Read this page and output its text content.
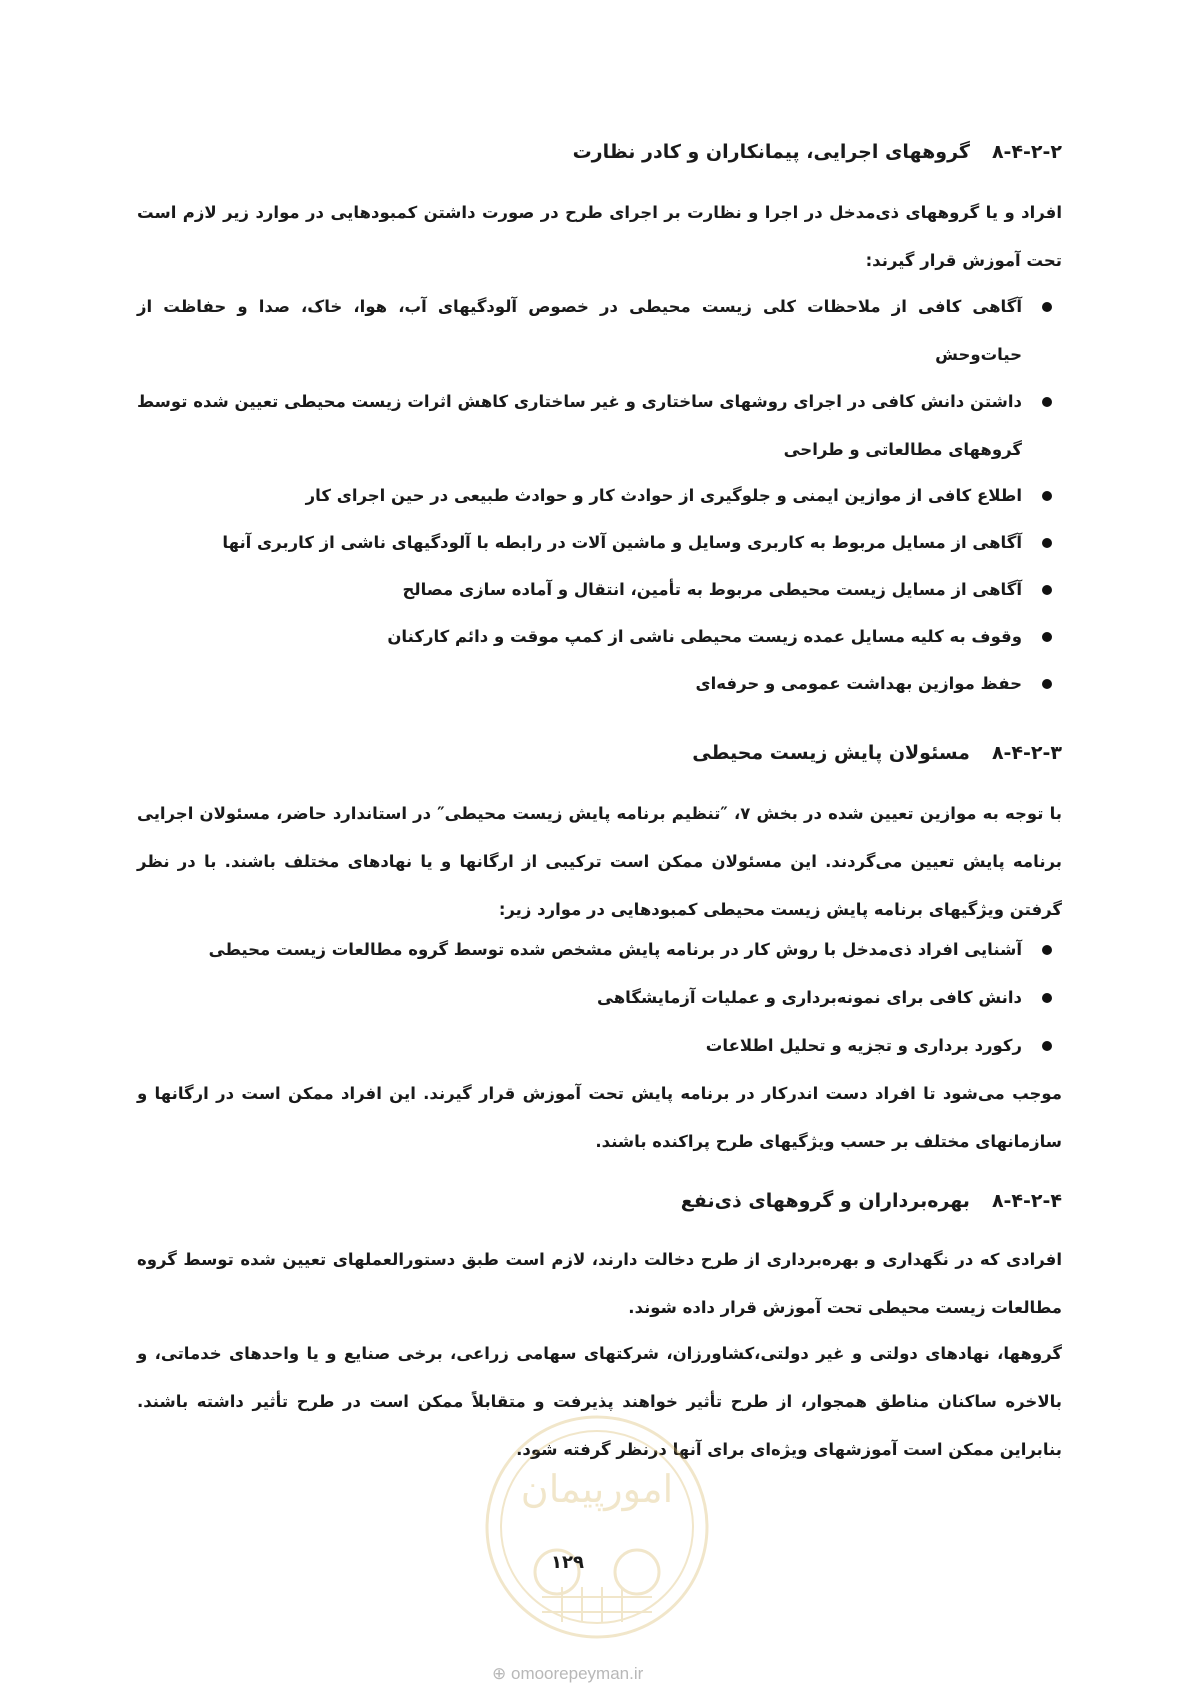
۸-۴-۲-۲گروههای اجرایی، پیمانکاران و کادر نظارت
افراد و یا گروههای ذی‌مدخل در اجرا و نظارت بر اجرای طرح در صورت داشتن کمبودهایی در موارد زیر لازم است تحت آموزش قرار گیرند:
آگاهی کافی از ملاحظات کلی زیست محیطی در خصوص آلودگیهای آب، هوا، خاک، صدا و حفاظت از حیات‌وحش
داشتن دانش کافی در اجرای روشهای ساختاری و غیر ساختاری کاهش اثرات زیست محیطی تعیین شده توسط گروههای مطالعاتی و طراحی
اطلاع کافی از موازین ایمنی و جلوگیری از حوادث کار و حوادث طبیعی در حین اجرای کار
آگاهی از مسایل مربوط به کاربری وسایل و ماشین آلات در رابطه با آلودگیهای ناشی از کاربری آنها
آگاهی از مسایل زیست محیطی مربوط به تأمین، انتقال و آماده سازی مصالح
وقوف به کلیه مسایل عمده زیست محیطی ناشی از کمپ موقت و دائم کارکنان
حفظ موازین بهداشت عمومی و حرفه‌ای
۸-۴-۲-۳مسئولان پایش زیست محیطی
با توجه به موازین تعیین شده در بخش ۷، ″تنظیم برنامه پایش زیست محیطی″ در استاندارد حاضر، مسئولان اجرایی برنامه پایش تعیین می‌گردند. این مسئولان ممکن است ترکیبی از ارگانها و یا نهادهای مختلف باشند. با در نظر گرفتن ویژگیهای برنامه پایش زیست محیطی کمبودهایی در موارد زیر:
آشنایی افراد ذی‌مدخل با روش کار در برنامه پایش مشخص شده توسط گروه مطالعات زیست محیطی
دانش کافی برای نمونه‌برداری و عملیات آزمایشگاهی
رکورد برداری و تجزیه و تحلیل اطلاعات
موجب می‌شود تا افراد دست اندرکار در برنامه پایش تحت آموزش قرار گیرند. این افراد ممکن است در ارگانها و سازمانهای مختلف بر حسب ویژگیهای طرح پراکنده باشند.
۸-۴-۲-۴بهره‌برداران و گروههای ذی‌نفع
افرادی که در نگهداری و بهره‌برداری از طرح دخالت دارند، لازم است طبق دستورالعملهای تعیین شده توسط گروه مطالعات زیست محیطی تحت آموزش قرار داده شوند.
گروهها، نهادهای دولتی و غیر دولتی،کشاورزان، شرکتهای سهامی زراعی، برخی صنایع و یا واحدهای خدماتی، و بالاخره ساکنان مناطق همجوار، از طرح تأثیر خواهند پذیرفت و متقابلاً ممکن است در طرح تأثیر داشته باشند. بنابراین ممکن است آموزشهای ویژه‌ای برای آنها درنظر گرفته شود.
امورپیمان
۱۲۹
⊕ omoorepeyman.ir
